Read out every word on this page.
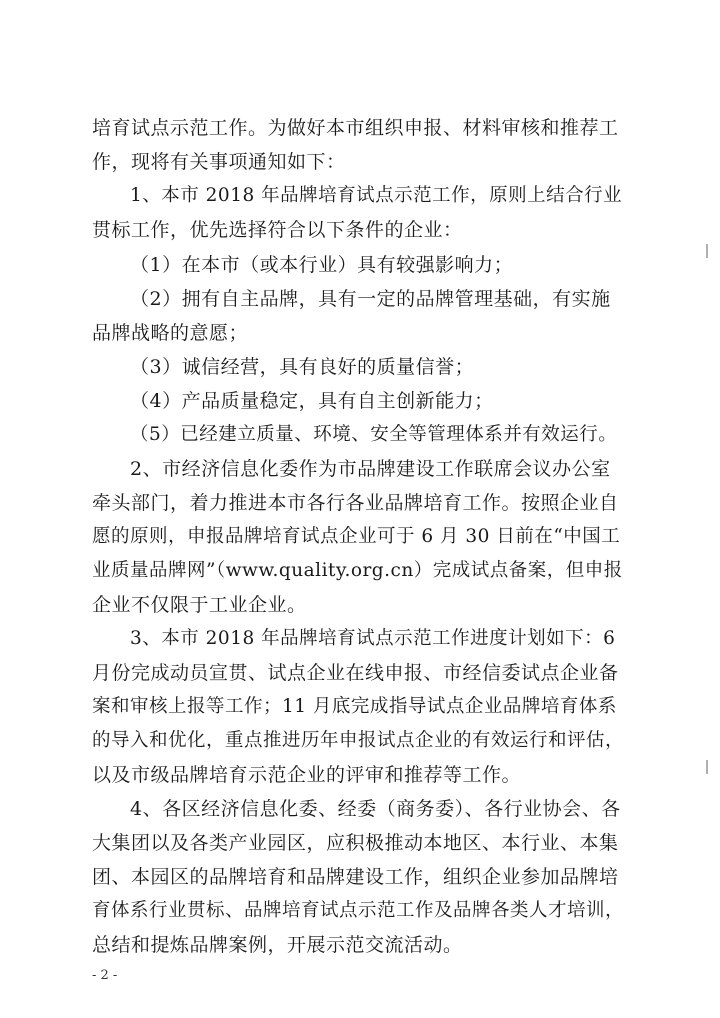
培育试点示范工作。为做好本市组织申报、材料审核和推荐工
作，现将有关事项通知如下：
1、本市 2018 年品牌培育试点示范工作，原则上结合行业
贯标工作，优先选择符合以下条件的企业：
（1）在本市（或本行业）具有较强影响力；
（2）拥有自主品牌，具有一定的品牌管理基础，有实施
品牌战略的意愿；
（3）诚信经营，具有良好的质量信誉；
（4）产品质量稳定，具有自主创新能力；
（5）已经建立质量、环境、安全等管理体系并有效运行。
2、市经济信息化委作为市品牌建设工作联席会议办公室
牵头部门，着力推进本市各行各业品牌培育工作。按照企业自
愿的原则，申报品牌培育试点企业可于 6 月 30 日前在“中国工
业质量品牌网”（www.quality.org.cn）完成试点备案，但申报
企业不仅限于工业企业。
3、本市 2018 年品牌培育试点示范工作进度计划如下：6
月份完成动员宣贯、试点企业在线申报、市经信委试点企业备
案和审核上报等工作；11 月底完成指导试点企业品牌培育体系
的导入和优化，重点推进历年申报试点企业的有效运行和评估，
以及市级品牌培育示范企业的评审和推荐等工作。
4、各区经济信息化委、经委（商务委）、各行业协会、各
大集团以及各类产业园区，应积极推动本地区、本行业、本集
团、本园区的品牌培育和品牌建设工作，组织企业参加品牌培
育体系行业贯标、品牌培育试点示范工作及品牌各类人才培训，
总结和提炼品牌案例，开展示范交流活动。
- 2 -
